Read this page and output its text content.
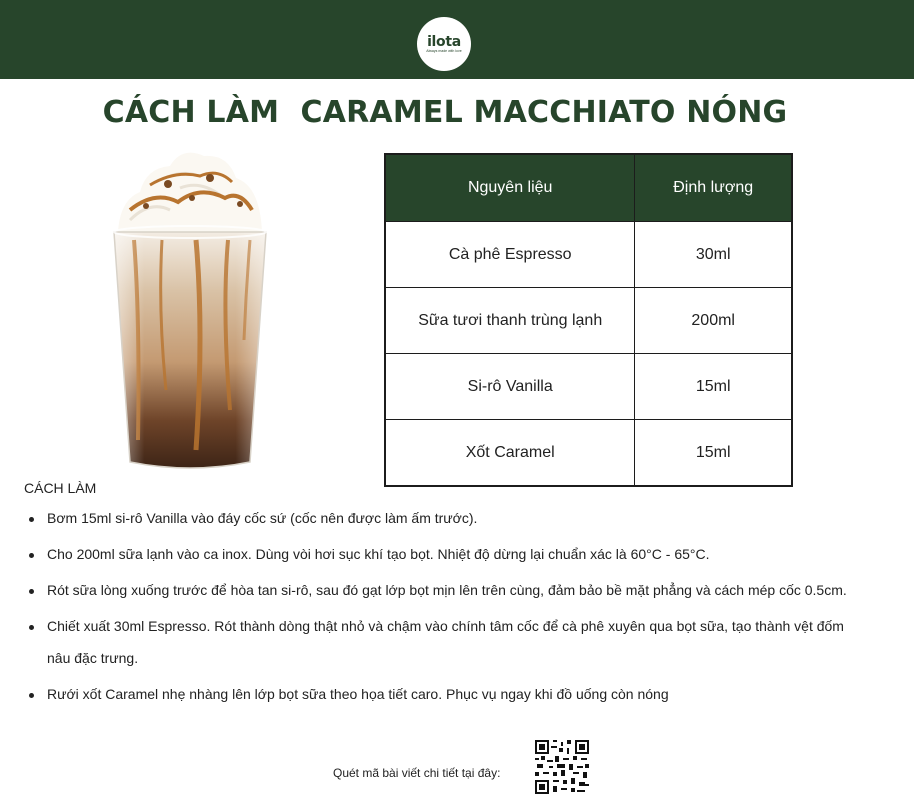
ilota
Always made with love
CÁCH LÀM  CARAMEL MACCHIATO NÓNG
Nguyên liệu	Định lượng
Cà phê Espresso	30ml
Sữa tươi thanh trùng lạnh	200ml
Si-rô Vanilla	15ml
Xốt Caramel	15ml
CÁCH LÀM
Bơm 15ml si-rô Vanilla vào đáy cốc sứ (cốc nên được làm ấm trước).
Cho 200ml sữa lạnh vào ca inox. Dùng vòi hơi sục khí tạo bọt. Nhiệt độ dừng lại chuẩn xác là 60°C - 65°C.
Rót sữa lòng xuống trước để hòa tan si-rô, sau đó gạt lớp bọt mịn lên trên cùng, đảm bảo bề mặt phẳng và cách mép cốc 0.5cm.
Chiết xuất 30ml Espresso. Rót thành dòng thật nhỏ và chậm vào chính tâm cốc để cà phê xuyên qua bọt sữa, tạo thành vệt đốm nâu đặc trưng.
Rưới xốt Caramel nhẹ nhàng lên lớp bọt sữa theo họa tiết caro. Phục vụ ngay khi đồ uống còn nóng
Quét mã bài viết chi tiết tại đây:
